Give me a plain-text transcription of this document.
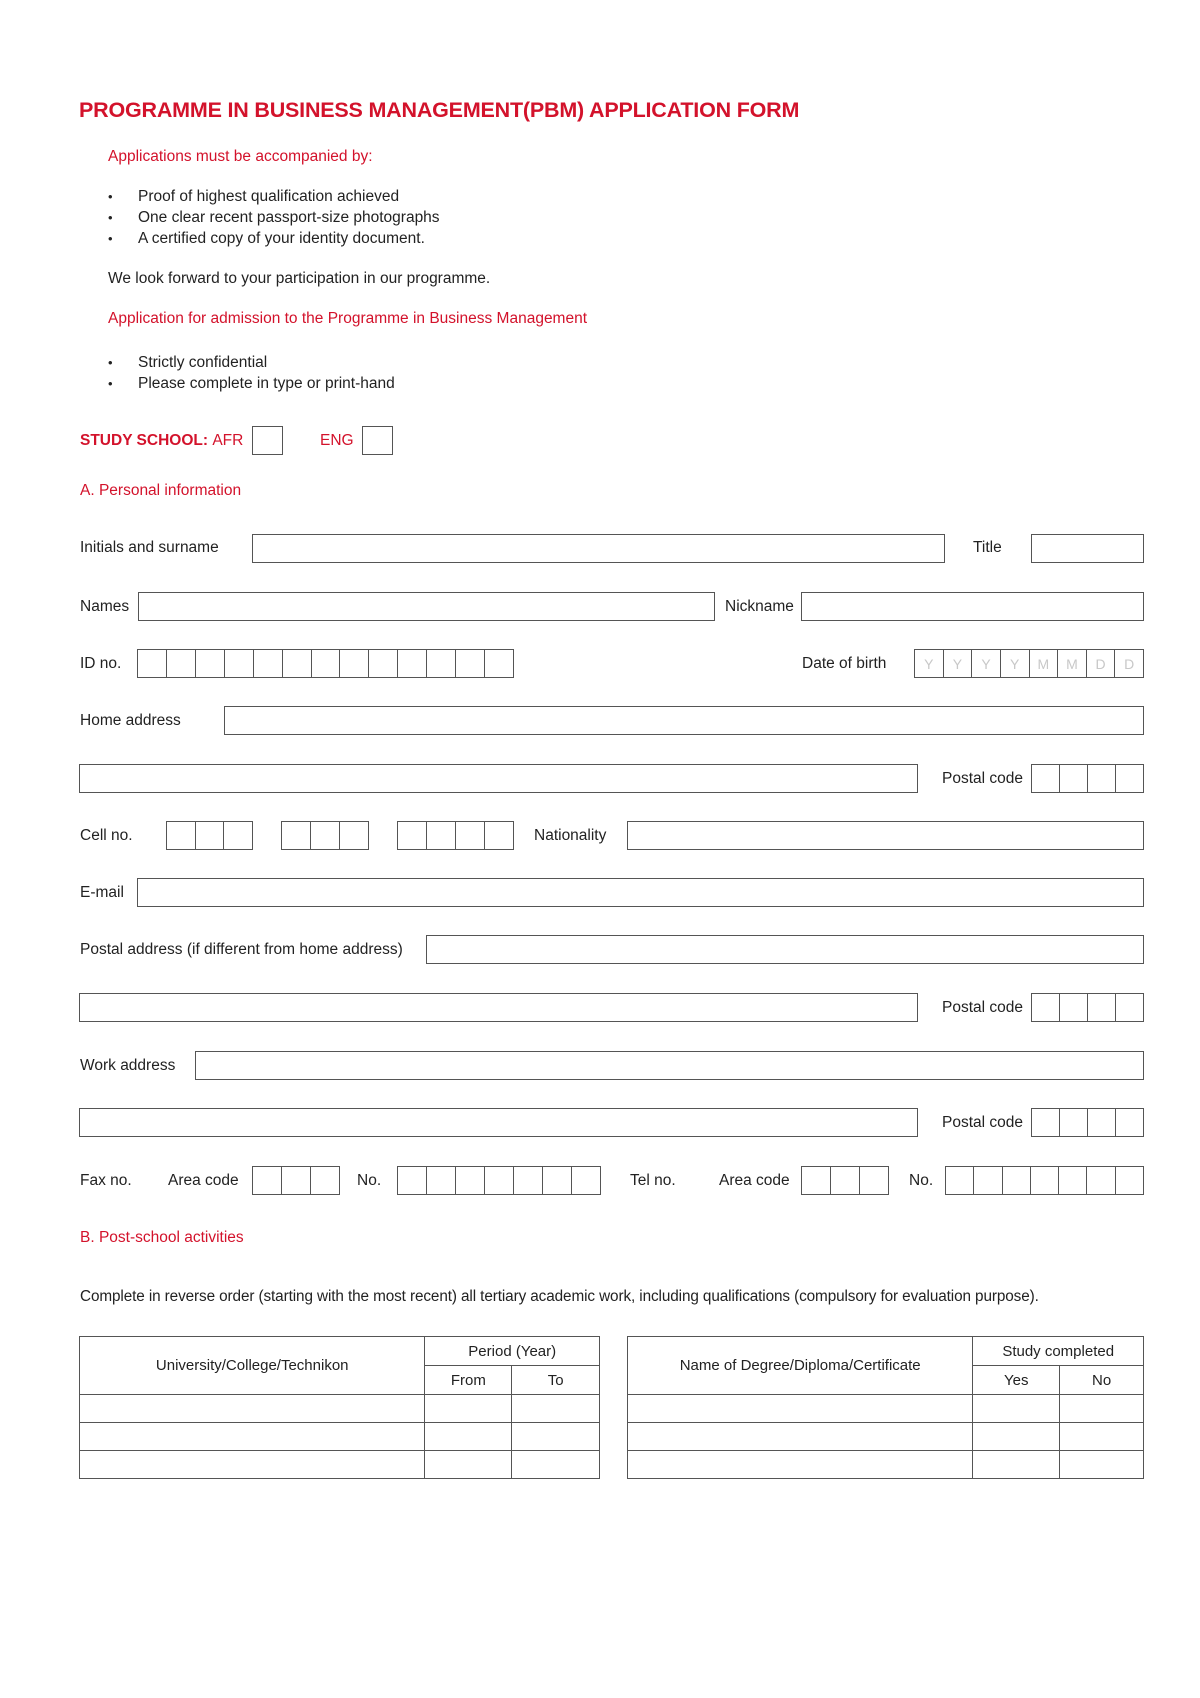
PROGRAMME IN BUSINESS MANAGEMENT(PBM) APPLICATION FORM
Applications must be accompanied by:
• Proof of highest qualification achieved
• One clear recent passport-size photographs
• A certified copy of your identity document.
We look forward to your participation in our programme.
Application for admission to the Programme in Business Management
• Strictly confidential
• Please complete in type or print-hand
STUDY SCHOOL: AFR	ENG
A. Personal information
Initials and surname	Title
Names	Nickname
ID no.	Date of birth	Y	Y	Y	Y	M	M	D	D
Home address
Postal code
Cell no.	Nationality
E-mail
Postal address (if different from home address)
Postal code
Work address
Postal code
Fax no. Area code	No.	Tel no.	Area code	No.
B. Post-school activities
Complete in reverse order (starting with the most recent) all tertiary academic work, including qualifications (compulsory for evaluation purpose).
University/College/Technikon	Period (Year)	
	From	To

Name of Degree/Diploma/Certificate	Study completed	
	Yes	No
